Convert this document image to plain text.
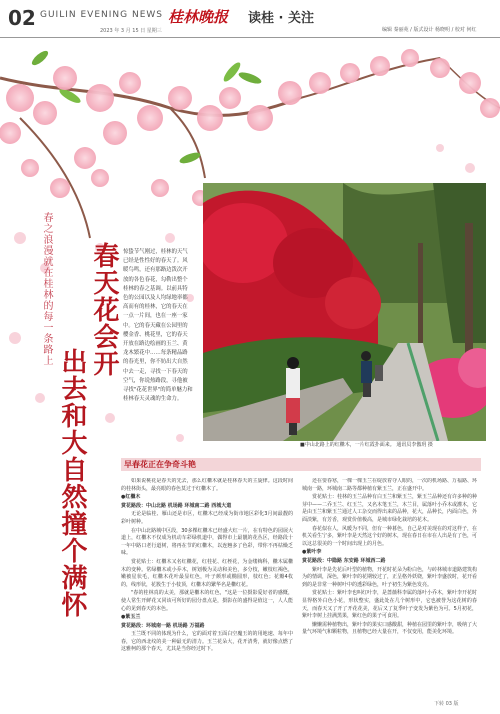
02 GUILIN EVENING NEWS
2023 年 3 月 15 日 星期三
桂林晚报 读桂 · 关注
编辑 秦丽苑 / 版式设计 杨晓明 / 校对 何红
春之浪漫就在桂林的每一条路上 春天花会开
出去和大自然撞个满怀
惊蛰节气刚过，桂林的天气已经是性性好的春天了。风暖鸟鸣，还有那路边泼次开放的各色春花，勾勒出整个桂林的春之基调。以前具特色的公园以及人均绿地率都高而有的桂林，它的春天在一点一片间，也在一座一家中。它的春天藏在公园里的樱金香、桃花里，它的春天开放在路边绘画的玉兰、黄龙木繁花中……每条精品路的春光里，你不妨出大自然中去一走，寻找一下春天的空气，你说热路段，寻他被寻找"花花世界"的简单魅力和桂林春天灵魂的生命力。
■中山北路上的红檵木，一片红霞扑面来。 通讯员李傲玥 摄
早春花正在争奇斗艳

如果说桃花是春天的先去，那么红檵木就是桂林春天的主旋律。这段时间的桂林街头，最亮眼的春色莫过于红檵木了。

●红檵木

赏花路段：中山北路 机场路 环城南二路 西城大道

无论是临桂、雁山还是市区，红檵木已经成为街市地区彩化3月间最靓的彩叶树种。

在中山北路城中区段，30多棵红檵木已经盛大红一片，在有特色的园展大道上，红檵木不仅成为机动车彩绿机道中，偶得市上最靓的花丛区，经路段十一年中路口老行道树，将再在节的红檵木，以连翘多了色彩，带你不再枯燥乏味。

赏花贴士：红檵木又名红檵花，红桂花、红桎花，为金缕梅科，檵木属檵木的变种。常绿檵木或小乔木，树划极为灵动和美色，多分枝，嫩枝红褐色，嫩被星状毛，红檵木花叶最显红色，叶子颜形或椭圆形，枝红色；花瓣4枚的，线形状，花簇生于小枝顶，红檵木的繁华名是檵红花。

"春的桂林真的太美，那就是檵木的红色，"这是一位摄影爱好者的感慨，使人常生开鲜花又同该可所好的园分盘点是，摄影在的盛得是值这一，人人能心的见到春天的本色。

●紫玉兰

赏花路段：环城南一路 机场路 万福路

玉兰既不同的体现为什么，它的面对着玉面白空魔玉的的用地速、每年中春，它的西北纹的美一种最无的清力。玉兰花朵大，花开清秀，就好像点燃了这雅柯的那个春天，尤其是当你经过时下。

还在要春寒，一棵一棵玉兰在绽放着夺人眼的，一次的机场路、万福路、环城南一路，环城南二路等都种植有紫玉兰，正在盛开中。

赏花贴士：桂林的玉兰品种有白玉兰和紫玉兰，紫玉兰品种还有许多种的种芽中——二乔玉兰、红玉兰，又名木笔玉兰，木兰目，属落叶小乔木或灌木，它是由玉兰和紫玉兰通过人工杂交而得出来的品种，花大，品种长，内面白色，外面淡紫，有芳香，观赏价值极高，是城市绿化栽培的花木。

春花似在人，风暖为不同，但有一种暮色，自己是对美现在的对这样子，在机关看生宁多，紫叶李是天然这个好的树木，现在春日在市在人出是有了色，可以这总很美的一个时间出现上的月色。

●紫叶李

赏花路段：中隐路 东安路 环城西二路

紫叶李是先花后叶型的植物，开花时花朵为粉白色，与砖林城市道路建筑构为的情调，深色，紫叶李的花期较过了，正呈格外妖娆，紫叶李盛放时，花开看到的是非常一种树叶中的透彩绿色，叶子初生为紫色发亮。

赏花贴士：紫叶李也叫红叶李，是蔷薇科李属的落叶小乔木，紫叶李开花时显得格外白色小花，形状整实，盛此处在几个树形中，它也被誉为这花树的春天，而春天又了开了开花花美，花后又了复季叶子变发为紫色为可。5月初花，紫叶李树上挂满黑果，紫红色的果子可食用。

懒懒需种植物出，紫叶李的果实口感酸甜，种植在园里的紫叶李，吸纳了大量气环境气和颗粒物，且植物已经大量在开，不仅变用，能美化环境。

下转 03 版
